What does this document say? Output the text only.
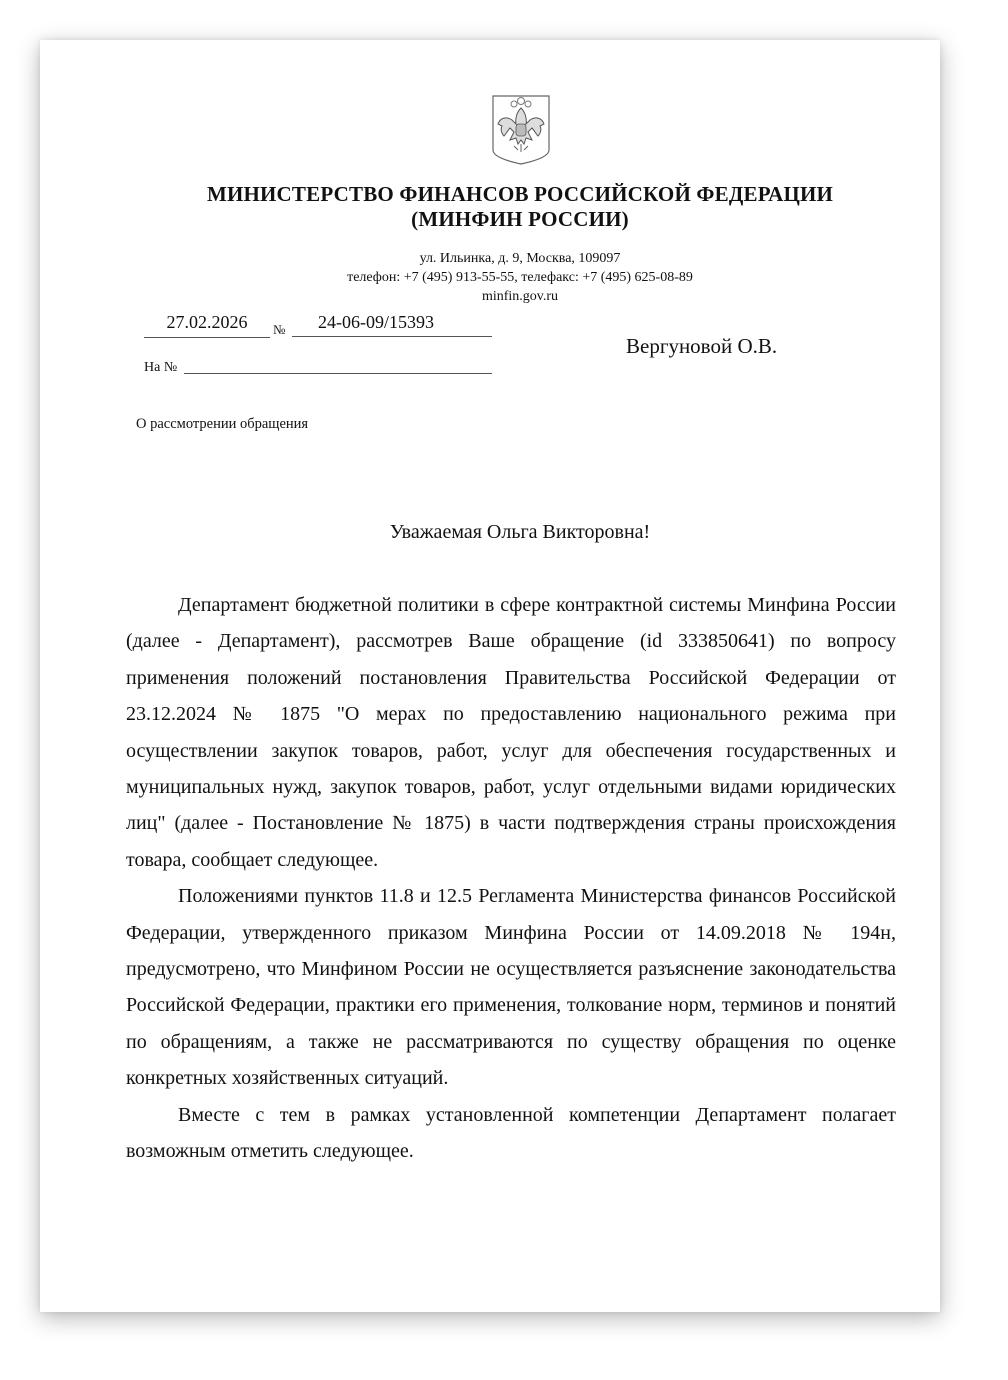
МИНИСТЕРСТВО ФИНАНСОВ РОССИЙСКОЙ ФЕДЕРАЦИИ
(МИНФИН РОССИИ)
ул. Ильинка, д. 9, Москва, 109097
телефон: +7 (495) 913-55-55, телефакс: +7 (495) 625-08-89
minfin.gov.ru
27.02.2026	№	24-06-09/15393
На №
Вергуновой О.В.
О рассмотрении обращения
Уважаемая Ольга Викторовна!

Департамент бюджетной политики в сфере контрактной системы Минфина России (далее - Департамент), рассмотрев Ваше обращение (id 333850641) по вопросу применения положений постановления Правительства Российской Федерации от 23.12.2024 № 1875 "О мерах по предоставлению национального режима при осуществлении закупок товаров, работ, услуг для обеспечения государственных и муниципальных нужд, закупок товаров, работ, услуг отдельными видами юридических лиц" (далее - Постановление № 1875) в части подтверждения страны происхождения товара, сообщает следующее.

Положениями пунктов 11.8 и 12.5 Регламента Министерства финансов Российской Федерации, утвержденного приказом Минфина России от 14.09.2018 № 194н, предусмотрено, что Минфином России не осуществляется разъяснение законодательства Российской Федерации, практики его применения, толкование норм, терминов и понятий по обращениям, а также не рассматриваются по существу обращения по оценке конкретных хозяйственных ситуаций.

Вместе с тем в рамках установленной компетенции Департамент полагает возможным отметить следующее.
